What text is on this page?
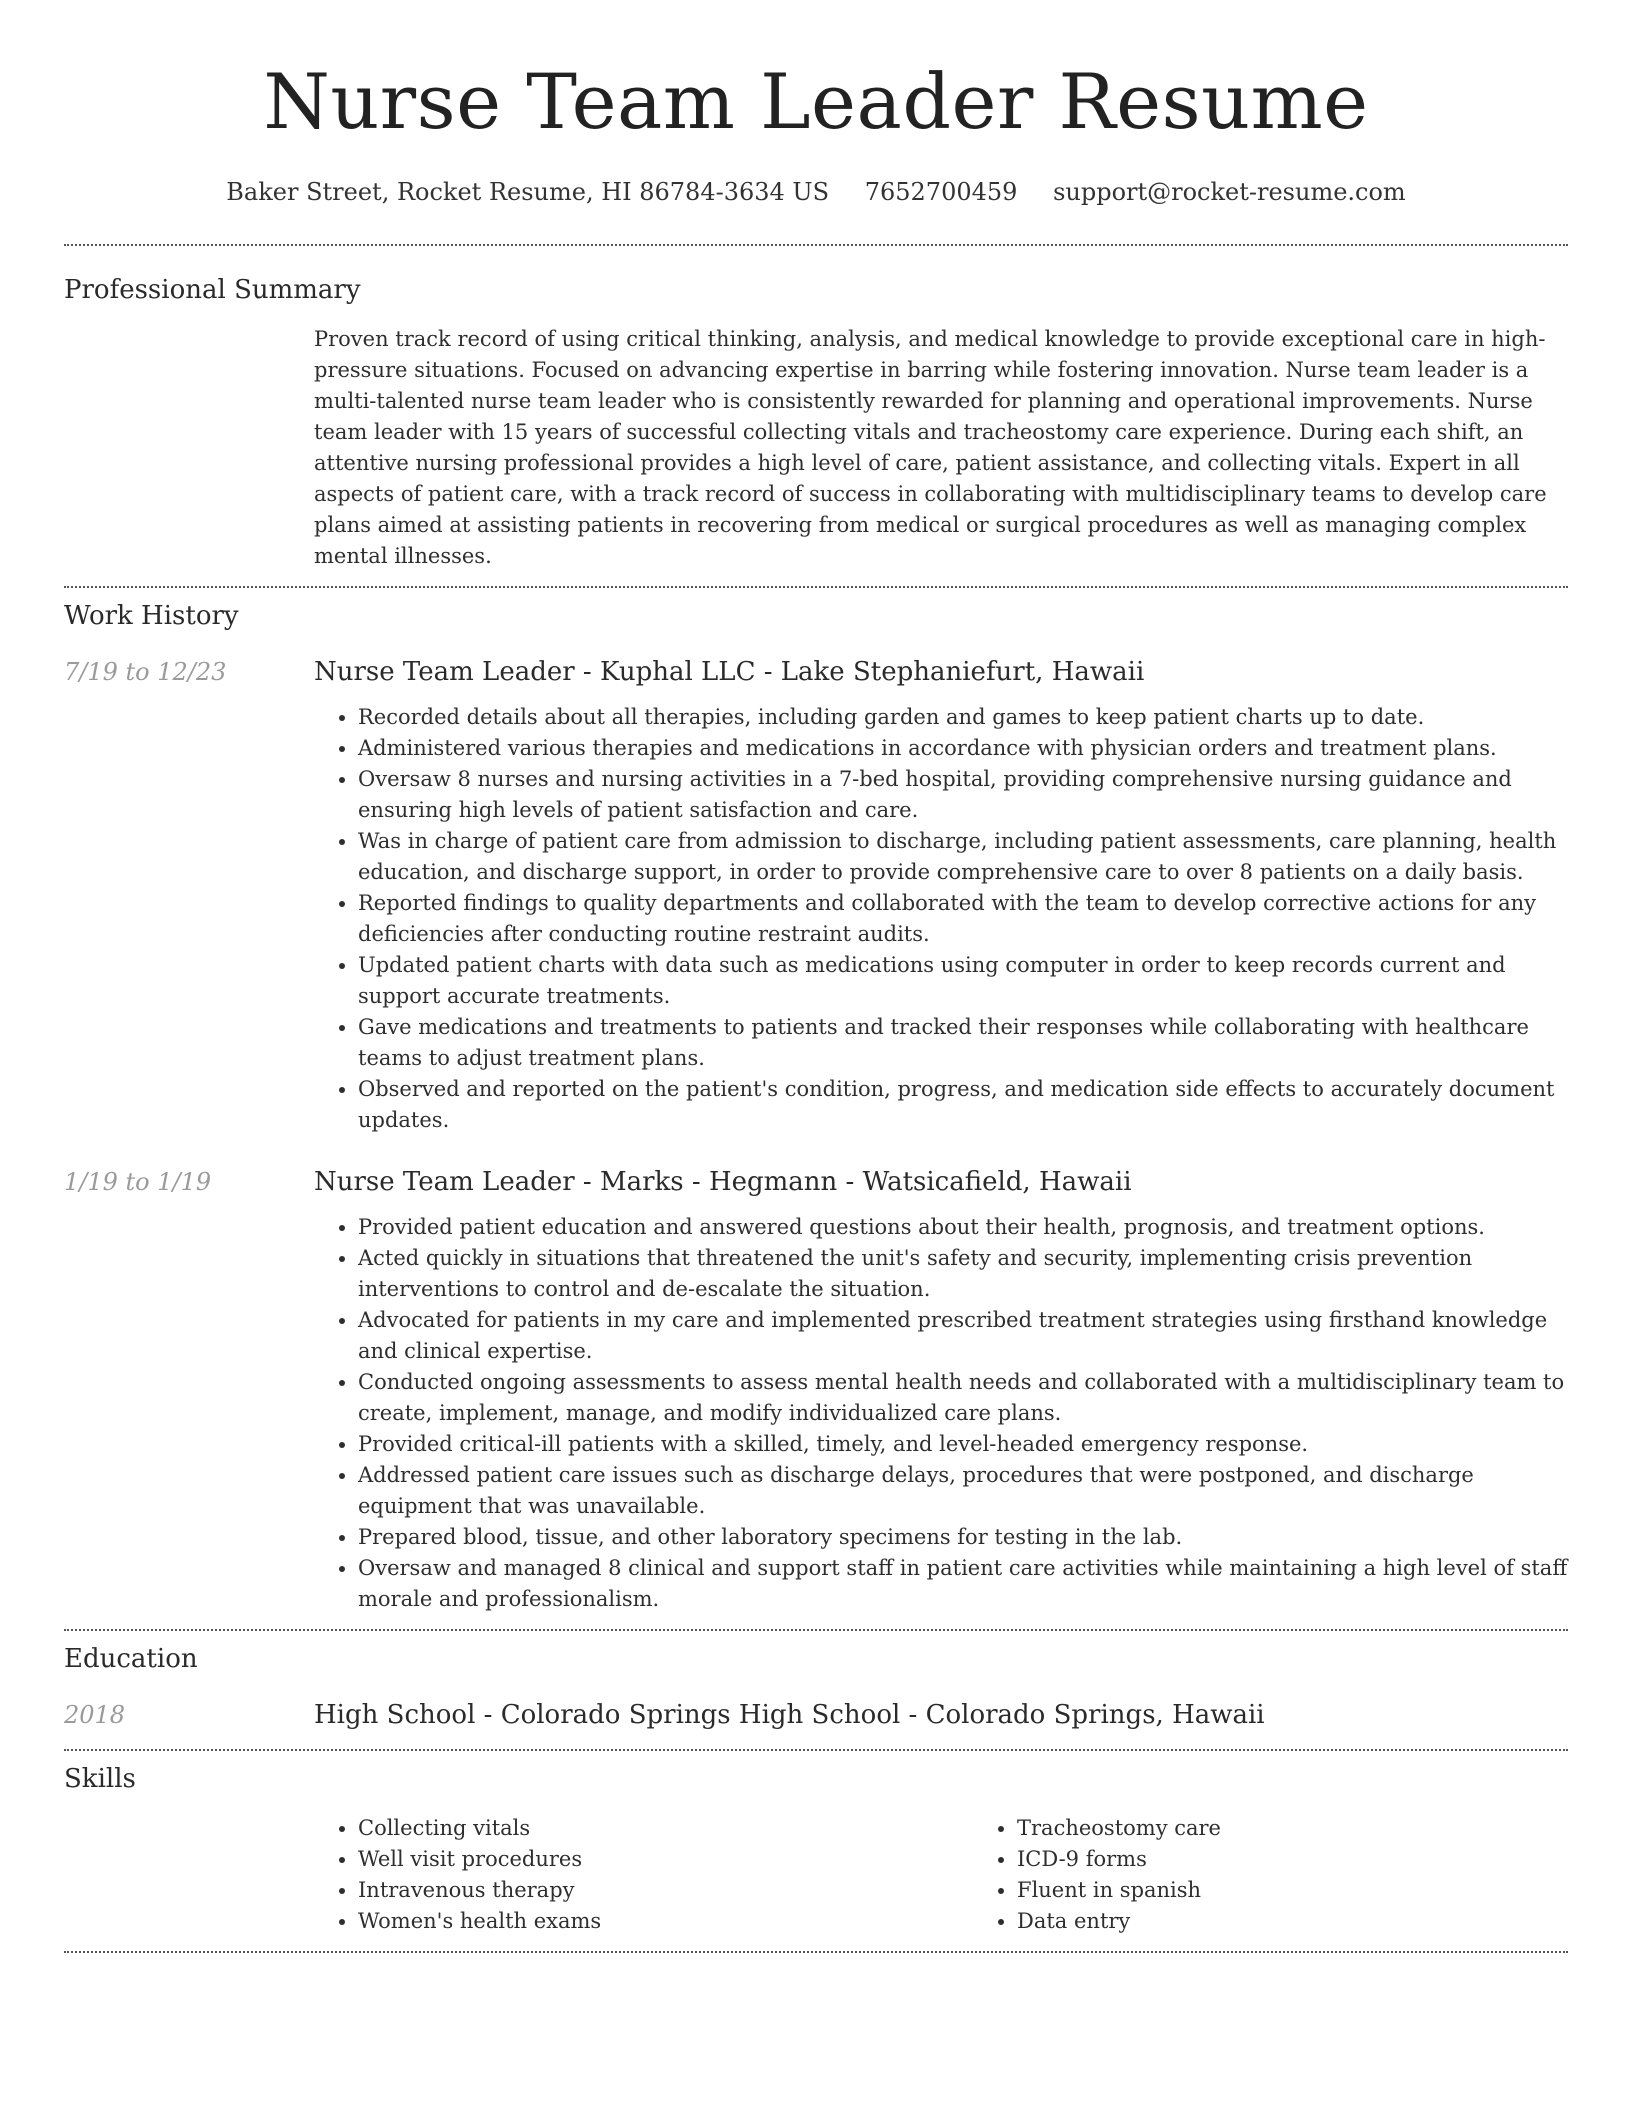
Nurse Team Leader Resume
Baker Street, Rocket Resume, HI 86784-3634 US 7652700459 support@rocket-resume.com
Professional Summary

Proven track record of using critical thinking, analysis, and medical knowledge to provide exceptional care in high-pressure situations. Focused on advancing expertise in barring while fostering innovation. Nurse team leader is a multi-talented nurse team leader who is consistently rewarded for planning and operational improvements. Nurse team leader with 15 years of successful collecting vitals and tracheostomy care experience. During each shift, an attentive nursing professional provides a high level of care, patient assistance, and collecting vitals. Expert in all aspects of patient care, with a track record of success in collaborating with multidisciplinary teams to develop care plans aimed at assisting patients in recovering from medical or surgical procedures as well as managing complex mental illnesses.

Work History
7/19 to 12/23	Nurse Team Leader - Kuphal LLC - Lake Stephaniefurt, Hawaii
• Recorded details about all therapies, including garden and games to keep patient charts up to date.
• Administered various therapies and medications in accordance with physician orders and treatment plans.
• Oversaw 8 nurses and nursing activities in a 7-bed hospital, providing comprehensive nursing guidance and ensuring high levels of patient satisfaction and care.
• Was in charge of patient care from admission to discharge, including patient assessments, care planning, health education, and discharge support, in order to provide comprehensive care to over 8 patients on a daily basis.
• Reported findings to quality departments and collaborated with the team to develop corrective actions for any deficiencies after conducting routine restraint audits.
• Updated patient charts with data such as medications using computer in order to keep records current and support accurate treatments.
• Gave medications and treatments to patients and tracked their responses while collaborating with healthcare teams to adjust treatment plans.
• Observed and reported on the patient's condition, progress, and medication side effects to accurately document updates.
1/19 to 1/19	Nurse Team Leader - Marks - Hegmann - Watsicafield, Hawaii
• Provided patient education and answered questions about their health, prognosis, and treatment options.
• Acted quickly in situations that threatened the unit's safety and security, implementing crisis prevention interventions to control and de-escalate the situation.
• Advocated for patients in my care and implemented prescribed treatment strategies using firsthand knowledge and clinical expertise.
• Conducted ongoing assessments to assess mental health needs and collaborated with a multidisciplinary team to create, implement, manage, and modify individualized care plans.
• Provided critical-ill patients with a skilled, timely, and level-headed emergency response.
• Addressed patient care issues such as discharge delays, procedures that were postponed, and discharge equipment that was unavailable.
• Prepared blood, tissue, and other laboratory specimens for testing in the lab.
• Oversaw and managed 8 clinical and support staff in patient care activities while maintaining a high level of staff morale and professionalism.
Education
2018	High School - Colorado Springs High School - Colorado Springs, Hawaii
Skills
• Collecting vitals
• Well visit procedures
• Intravenous therapy
• Women's health exams
• Tracheostomy care
• ICD-9 forms
• Fluent in spanish
• Data entry
